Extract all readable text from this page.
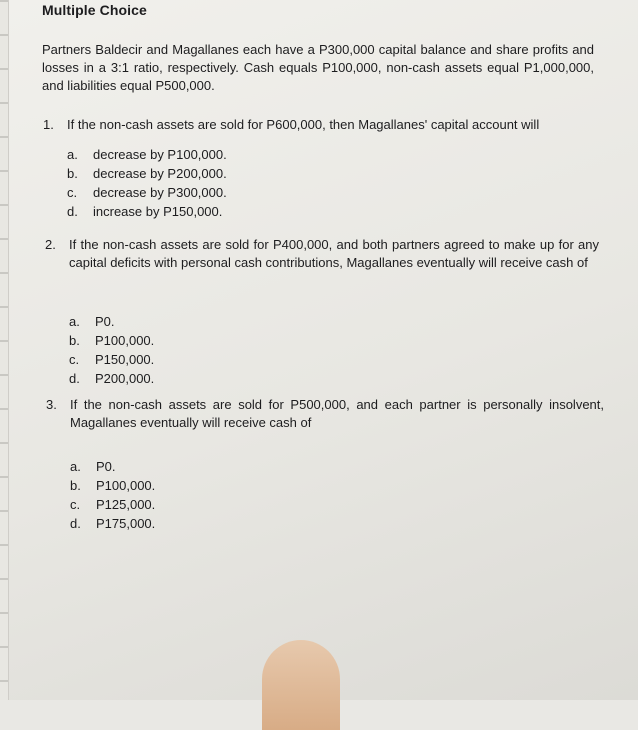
Multiple Choice
Partners Baldecir and Magallanes each have a P300,000 capital balance and share profits and losses in a 3:1 ratio, respectively. Cash equals P100,000, non-cash assets equal P1,000,000, and liabilities equal P500,000.
1. If the non-cash assets are sold for P600,000, then Magallanes' capital account will
a. decrease by P100,000.
b. decrease by P200,000.
c. decrease by P300,000.
d. increase by P150,000.
2. If the non-cash assets are sold for P400,000, and both partners agreed to make up for any capital deficits with personal cash contributions, Magallanes eventually will receive cash of
a. P0.
b. P100,000.
c. P150,000.
d. P200,000.
3. If the non-cash assets are sold for P500,000, and each partner is personally insolvent, Magallanes eventually will receive cash of
a. P0.
b. P100,000.
c. P125,000.
d. P175,000.
